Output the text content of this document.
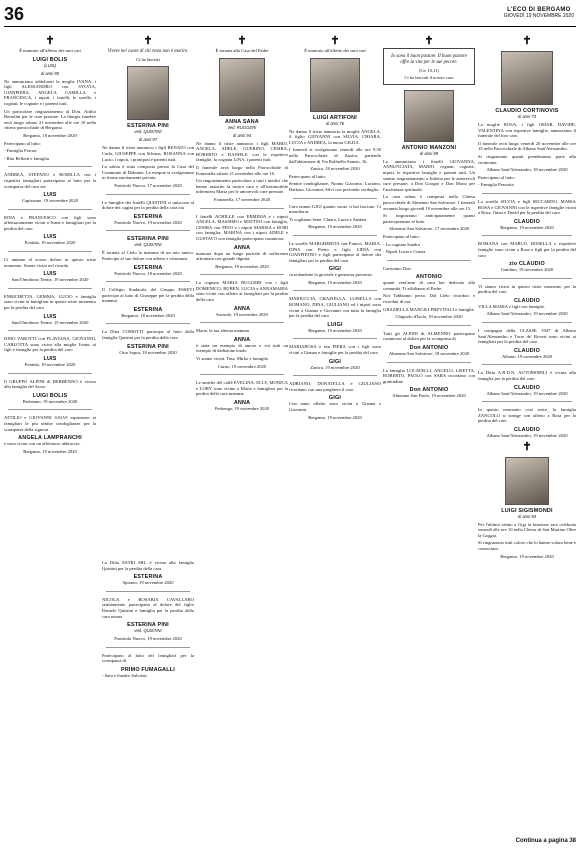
36	L'ECO DI BERGAMO
GIOVEDÌ 19 NOVEMBRE 2020
✝
È mancato all'affetto dei suoi cari
LUIGI BOLIS
(LUIS)
di anni 90
Ne annunciano addolorati la moglie IVANA, i figli ALESSANDRO con SYLVIA, GIANPIERA, ANGELA CAMILLA e FRANCESCA, i nipoti, i fratelli, le sorelle, i cognati, le cognate e i parenti tutti.
Un particolare ringraziamento al Dott. Attilio Bertolini per le cure prestate. La liturgia funebre avrà luogo sabato 21 novembre alle ore 10 nella chiesa parrocchiale di Bergamo.
Bergamo, 18 novembre 2020
Partecipano al lutto:
- Famiglia Ferrari
- Rita Bellotti e famiglia
ANDREA, STEFANO e ROSELLA con i rispettivi famigliari partecipano al lutto per la scomparsa del caro zio
LUIS
Capizzone, 19 novembre 2020
RINA e FRANCESCO con figli sono affettuosamente vicini a Ivana e famigliari per la perdita del caro
LUIS
Pontida, 19 novembre 2020
Ci uniamo al vostro dolore in questo triste momento. Siamo vicini nel ricordo.
LUIS
Sant'Omobono Terme, 19 novembre 2020
ENRICHETTA, GEMMA, LUCIO e famiglia sono vicini ai famigliari in questo triste momento per la perdita del caro
LUIS
Sant'Omobono Terme, 19 novembre 2020
DINO VAROTTI con FLAVIANA, GIOVANNI, CARLOTTA sono vicini alla moglie Ivana, ai figli e famiglie per la perdita del caro
LUIS
Pontida, 19 novembre 2020
Il GRUPPO ALPINI di BERBENNO è vicino alla famiglia del Socio
LUIGI BOLIS
Berbenno, 19 novembre 2020
ATTILIO e GIOVANNI SALVI esprimono ai famigliari le più sentite condoglianze per la scomparsa della signora
ANGELA LAMPRANCHI
e sono vicini con un affettuoso abbraccio.
Bergamo, 19 novembre 2020
✝
Vivere nel cuore di chi resta non è morire.
Ci ha lasciati
ESTERINA PINI
ved. QUISTINI
di anni 97
Ne danno il triste annuncio i figli RENATO con Carla, GIUSEPPE con Silvana, ROSANNA con Lucio, i nipoti, i pronipoti e parenti tutti.
La salma è stata composta presso la Casa del Commiato di Dalmine. Le esequie si svolgeranno in forma strettamente privata.
Pontirolo Nuovo, 17 novembre 2020
Le famiglie dei fratelli QUISTINI si uniscono al dolore dei cugini per la perdita della cara zia
ESTERINA
Pontirolo Nuovo, 19 novembre 2020
ESTERINA PINI
ved. QUISTINI
È tornata al Cielo la mamma di un mio amico. Partecipo al suo dolore con affetto e vicinanza.
ESTERINA
Pontirolo Nuovo, 18 novembre 2020
Il Collegio Sindacale del Gruppo ESSEVI partecipa al lutto di Giuseppe per la perdita della mamma
ESTERINA
Bergamo, 18 novembre 2020
La Ditta COMOTTI partecipa al lutto della famiglia Quistini per la perdita della cara
ESTERINA PINI
Osio Sopra, 19 novembre 2020
La Ditta ESTRI SRL è vicina alla famiglia Quistini per la perdita della cara
ESTERINA
Spirano, 19 novembre 2020
NICOLA e ROSARIA CAVALLARO sentitamente partecipano al dolore del figlio Daniele Quistini e famiglia per la perdita della cara nonna
ESTERINA PINI
ved. QUISTINI
Pontirolo Nuovo, 19 novembre 2020
Partecipano al lutto dei famigliari per la scomparsa di
PRIMO FUMAGALLI
- Sara e Sandro Salvioni
✝
È tornata alla Casa del Padre
ANNA SANA
ved. RUGGERI
di anni 94
Ne danno il triste annuncio i figli MARIO, ANGELA, ADELE, GUERINO, CESIRA, ROBERTO e DANIELE con le rispettive famiglie, la cognata LINA, i parenti tutti.
Il funerale avrà luogo nella Parrocchiale di Fontanella sabato 21 novembre alle ore 10.
Un ringraziamento particolare a tutti i medici che hanno assistito la nostra cara e all'instancabile infermiera Maria per le amorevoli cure prestate.
Fontanella, 17 novembre 2020
I fratelli ACHILLE con ERMINIA e i nipoti ANGELA, MASSIMO e MATTEO con famiglia, CESIRA con PINO e i nipoti MARISA e ROBI con famiglia; MARINA con i nipoti ADELE e GUSTAVO con famiglia partecipano commossi.
ANNA
mancata dopo un lungo periodo di sofferenza affrontata con grande dignità.
Bergamo, 19 novembre 2020
La cognata MARIA RUGGERI con i figli DOMENICO, RUBEN, LUCIA e ANNAMARIA sono vicini con affetto ai famigliari per la perdita della cara
ANNA
Sorisole, 19 novembre 2020
Maria, la tua alterna mamma
ANNA
è stata un esempio di amore e voi tutti un esempio di dedizione totale.
Vi siamo vicini. Tina, Mirko e famiglie.
Curno, 19 novembre 2020
Le amiche del caffè EVELINA, ELLY, MONICA e LORY sono vicine a Maria e famigliari per la perdita della cara mamma
ANNA
Pedrengo, 19 novembre 2020
✝
È mancato all'affetto dei suoi cari
LUIGI ARTIFONI
di anni 76
Ne danno il triste annuncio la moglie ANGELA, il figlio GIOVANNI con SILVIA, CHIARA, LUCIA e ANDREA, la nuora GILDA.
I funerali si svolgeranno venerdì alle ore 9.30 nella Parrocchiale di Zanica, partendo dall'abitazione di Via Raffaello Sanzio, 16.
Zanica, 18 novembre 2020
Partecipano al lutto:
Sentite condoglianze, Nonno Giacomo, Luciano, Barbara, Giovanni, Silvi con profondo cordoglio.
Caro nonno GIGI quanto vuoto ci hai lasciato. Ci mancherai.
Ti vogliamo bene. Chiara, Lucia e Andrea.
Bergamo, 19 novembre 2020
Le sorelle MARGHERITA con Franco, MARIA, DINA con Pietro e figli, LIDIA con GIANPIETRO e figli partecipano al dolore dei famigliari per la perdita del caro
GIGI
ricordandone la gioviale e generosa presenza.
Bergamo, 19 novembre 2020
MARIUCCIA, GRAZIELLA, LUISELLA con ROMANO, DINA, GIULIANO ed i nipoti sono vicini a Gianna e Giovanni con tutta la famiglia per la perdita del caro
LUIGI
Bergamo, 19 novembre 2020
MARIAROSA e tita PIERA con i figli sono vicini a Gianna e famiglie per la perdita del caro
GIGI
Zanica, 19 novembre 2020
ADRIANO, DONATELLA e GIULIANO ricordano con una preghiera il caro
GIGI
Con tanto affetto sono vicini a Gianna e Giovanni.
Bergamo, 19 novembre 2020
✝
Io sono il buon pastore. Il buon pastore offre la vita per le sue pecore.
(Gv 10,11)
Ci ha lasciati il nostro caro
ANTONIO MANZONI
di anni 89
Lo annunciano i fratelli GIOVANNA, ANNUNCIATA, MARIO, cognati, cognate, nipoti, le rispettive famiglie e parenti tutti. Un sentito ringraziamento a Julietta per le amorevoli cure prestate, a Don Giorgio e Don Mario per l'assistenza spirituale.
La cara salma è composta nella Chiesa parrocchiale di Almenno San Salvatore. I funerali avranno luogo giovedì 19 novembre alle ore 15.
Si ringraziano anticipatamente quanti parteciperanno al lutto.
Almenno San Salvatore, 17 novembre 2020
Partecipano al lutto:
- La cognata Sandra
- Nipoti Lucia e Cinzia
Carissimo Don
ANTONIO
quanti vent'anni di cura hai dedicato alla comunità. Ti affidiamo al Padre.
Noi Tabbiamo perso. Dal Cielo ricordaci e ricordati di noi.
GRAZIELLA MANGILI PREVITALI e famiglia
Chignolo d'Isola, 19 novembre 2020
Tutti gli ALPINI di ALMENNO partecipano commossi al dolore per la scomparsa di
Don ANTONIO
Almenno San Salvatore, 18 novembre 2020
La famiglia LOCATELLI, ANGELO, LISETTA, ROBERTO, PAOLO con SARA ricordano con gratitudine
Don ANTONIO
Almenno San Paolo, 19 novembre 2020
✝
CLAUDIO CORTINOVIS
di anni 73
La moglie ROSA, i figli OMAR, DAVIDE, VALENTINA con rispettive famiglie, annunciano il funerale del loro caro.
Il funerale avrà luogo venerdì 20 novembre alle ore 15 nella Parrocchiale di Albano Sant'Alessandro.
Si ringraziano quanti prenderanno parte alla cerimonia.
Albano Sant'Alessandro, 18 novembre 2020
Partecipano al lutto:
- Famiglia Pezzotta
La sorella SILVIA e figli RICCARDO, MARIA ROSA e GIOVANNI con le rispettive famiglie vicini a Rosa, Omar e David per la perdita del caro
CLAUDIO
Bergamo, 19 novembre 2020
ROMANA con MARCO, ROSELLA e rispettive famiglie sono vicini a Rosa e figli per la perdita del caro
zio CLAUDIO
Gandino, 19 novembre 2020
Vi siamo vicini in questo triste momento per la perdita del caro
CLAUDIO
VILLA MARIA e figli con famiglie.
Albano Sant'Alessandro, 19 novembre 2020
I compagni della CLASSE 1947 di Albano Sant'Alessandro e Torre de' Roveri sono vicini ai famigliari per la perdita del caro
CLAUDIO
Albano, 19 novembre 2020
La Ditta A.R.D.N. AUTOMOBILI è vicina alla famiglia per la perdita del caro
CLAUDIO
Albano Sant'Alessandro, 19 novembre 2020
In questo momento così triste, la famiglia ZANCOLO si stringe con affetto a Rosa per la perdita del caro
CLAUDIO
Albano Sant'Alessandro, 19 novembre 2020
✝
LUIGI SIGISMONDI
di anni 93
Per l'ultimo saluto a Gigi la funzione sarà celebrata venerdì alle ore 10 nella Chiesa di San Martino Oltre la Goggia.
Si ringraziano tutti coloro che lo hanno voluto bene e conosciuto.
Bergamo, 19 novembre 2020
Continua a pagina 38
